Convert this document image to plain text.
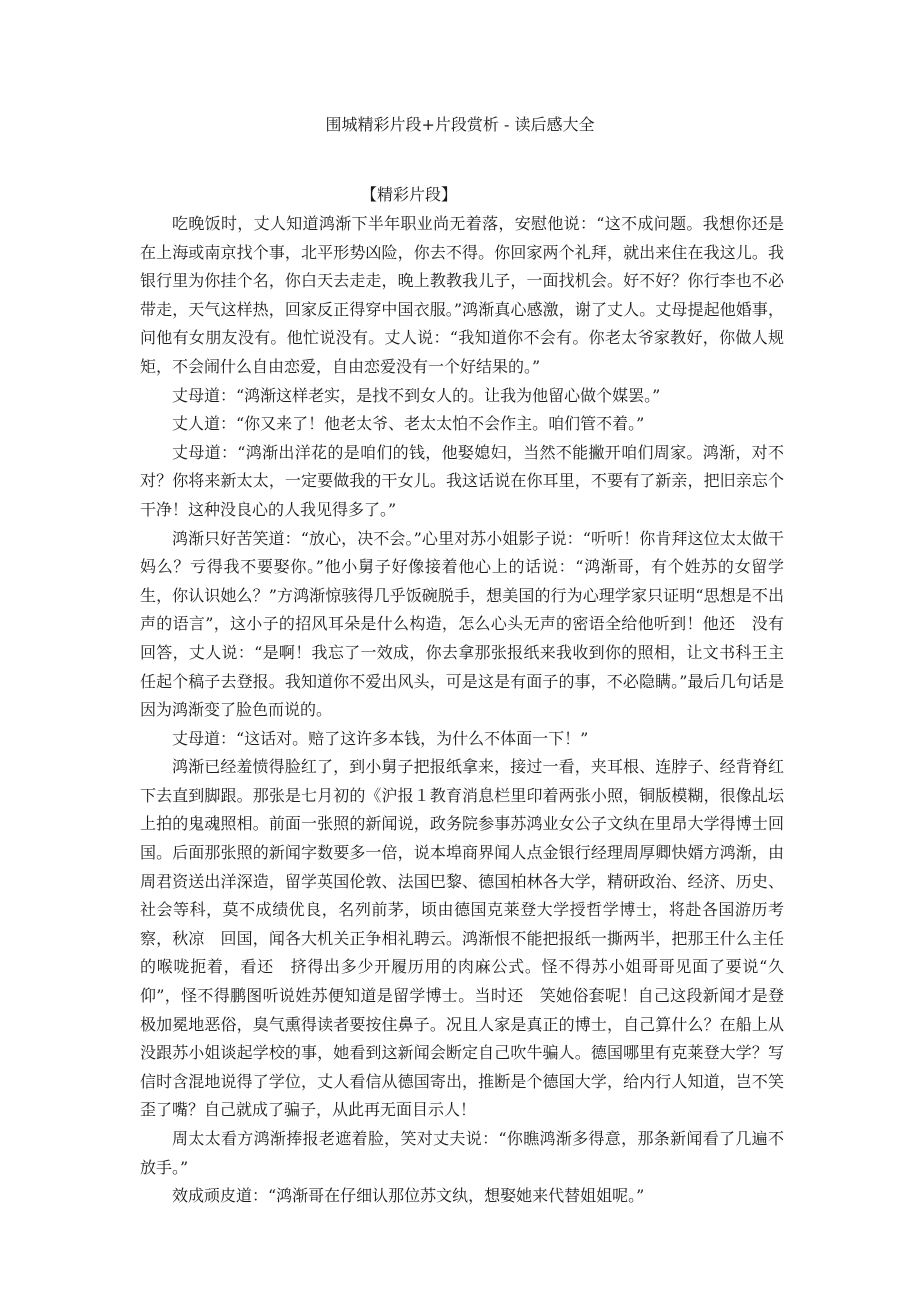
围城精彩片段+片段赏析 - 读后感大全
【精彩片段】

吃晚饭时，丈人知道鸿渐下半年职业尚无着落，安慰他说：“这不成问题。我想你还是在上海或南京找个事，北平形势凶险，你去不得。你回家两个礼拜，就出来住在我这儿。我银行里为你挂个名，你白天去走走，晚上教教我儿子，一面找机会。好不好？你行李也不必带走，天气这样热，回家反正得穿中国衣服。”鸿渐真心感激，谢了丈人。丈母提起他婚事，问他有女朋友没有。他忙说没有。丈人说：“我知道你不会有。你老太爷家教好，你做人规矩，不会闹什么自由恋爱，自由恋爱没有一个好结果的。”

丈母道：“鸿渐这样老实，是找不到女人的。让我为他留心做个媒罢。”

丈人道：“你又来了！他老太爷、老太太怕不会作主。咱们管不着。”

丈母道：“鸿渐出洋花的是咱们的钱，他娶媳妇，当然不能撇开咱们周家。鸿渐，对不对？你将来新太太，一定要做我的干女儿。我这话说在你耳里，不要有了新亲，把旧亲忘个干净！这种没良心的人我见得多了。”

鸿渐只好苦笑道：“放心，决不会。”心里对苏小姐影子说：“听听！你肯拜这位太太做干妈么？亏得我不要娶你。”他小舅子好像接着他心上的话说：“鸿渐哥，有个姓苏的女留学生，你认识她么？”方鸿渐惊骇得几乎饭碗脱手，想美国的行为心理学家只证明“思想是不出声的语言”，这小子的招风耳朵是什么构造，怎么心头无声的密语全给他听到！他还　没有回答，丈人说：“是啊！我忘了一效成，你去拿那张报纸来我收到你的照相，让文书科王主任起个稿子去登报。我知道你不爱出风头，可是这是有面子的事，不必隐瞒。”最后几句话是因为鸿渐变了脸色而说的。

丈母道：“这话对。赔了这许多本钱，为什么不体面一下！”

鸿渐已经羞愤得脸红了，到小舅子把报纸拿来，接过一看，夹耳根、连脖子、经背脊红下去直到脚跟。那张是七月初的《沪报１教育消息栏里印着两张小照，铜版模糊，很像乩坛上拍的鬼魂照相。前面一张照的新闻说，政务院参事苏鸿业女公子文纨在里昂大学得博士回国。后面那张照的新闻字数要多一倍，说本埠商界闻人点金银行经理周厚卿快婿方鸿渐，由周君资送出洋深造，留学英国伦敦、法国巴黎、德国柏林各大学，精研政治、经济、历史、社会等科，莫不成绩优良，名列前茅，顷由德国克莱登大学授哲学博士，将赴各国游历考察，秋凉　回国，闻各大机关正争相礼聘云。鸿渐恨不能把报纸一撕两半，把那王什么主任的喉咙扼着，看还　挤得出多少开履历用的肉麻公式。怪不得苏小姐哥哥见面了要说“久仰”，怪不得鹏图听说姓苏便知道是留学博士。当时还　笑她俗套呢！自己这段新闻才是登极加冕地恶俗，臭气熏得读者要按住鼻子。况且人家是真正的博士，自己算什么？在船上从没跟苏小姐谈起学校的事，她看到这新闻会断定自己吹牛骗人。德国哪里有克莱登大学？写信时含混地说得了学位，丈人看信从德国寄出，推断是个德国大学，给内行人知道，岂不笑歪了嘴？自己就成了骗子，从此再无面目示人！

周太太看方鸿渐捧报老遮着脸，笑对丈夫说：“你瞧鸿渐多得意，那条新闻看了几遍不放手。”

效成顽皮道：“鸿渐哥在仔细认那位苏文纨，想娶她来代替姐姐呢。”
